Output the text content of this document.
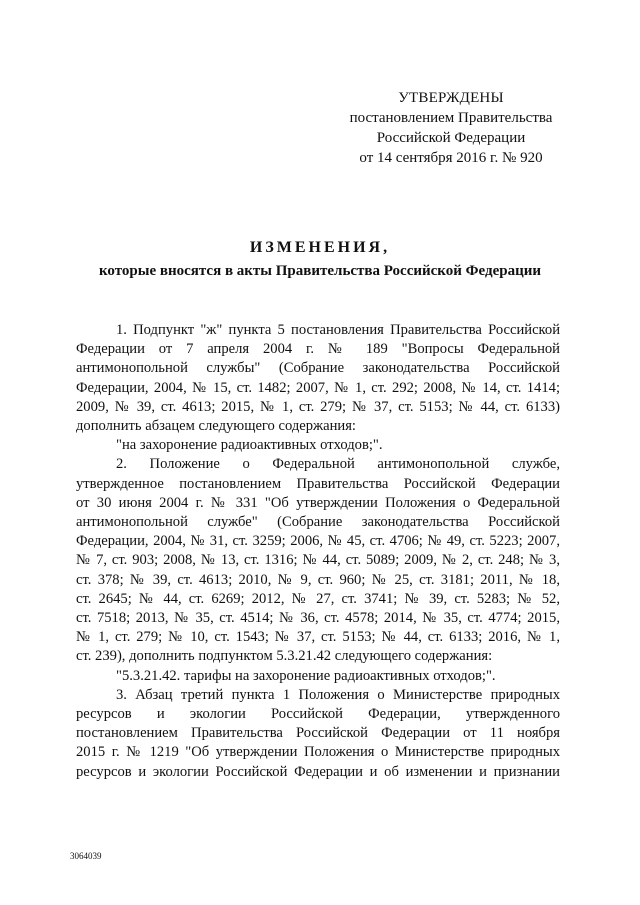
УТВЕРЖДЕНЫ
постановлением Правительства
Российской Федерации
от 14 сентября 2016 г. № 920
ИЗМЕНЕНИЯ,
которые вносятся в акты Правительства Российской Федерации
1. Подпункт "ж" пункта 5 постановления Правительства Российской
Федерации от 7 апреля 2004 г. № 189 "Вопросы Федеральной
антимонопольной службы" (Собрание законодательства Российской
Федерации, 2004, № 15, ст. 1482; 2007, № 1, ст. 292; 2008, № 14, ст. 1414;
2009, № 39, ст. 4613; 2015, № 1, ст. 279; № 37, ст. 5153; № 44, ст. 6133)
дополнить абзацем следующего содержания:
"на захоронение радиоактивных отходов;".
2. Положение о Федеральной антимонопольной службе,
утвержденное постановлением Правительства Российской Федерации
от 30 июня 2004 г. № 331 "Об утверждении Положения о Федеральной
антимонопольной службе" (Собрание законодательства Российской
Федерации, 2004, № 31, ст. 3259; 2006, № 45, ст. 4706; № 49, ст. 5223; 2007,
№ 7, ст. 903; 2008, № 13, ст. 1316; № 44, ст. 5089; 2009, № 2, ст. 248; № 3,
ст. 378; № 39, ст. 4613; 2010, № 9, ст. 960; № 25, ст. 3181; 2011, № 18,
ст. 2645; № 44, ст. 6269; 2012, № 27, ст. 3741; № 39, ст. 5283; № 52,
ст. 7518; 2013, № 35, ст. 4514; № 36, ст. 4578; 2014, № 35, ст. 4774; 2015,
№ 1, ст. 279; № 10, ст. 1543; № 37, ст. 5153; № 44, ст. 6133; 2016, № 1,
ст. 239), дополнить подпунктом 5.3.21.42 следующего содержания:
"5.3.21.42. тарифы на захоронение радиоактивных отходов;".
3. Абзац третий пункта 1 Положения о Министерстве природных
ресурсов и экологии Российской Федерации, утвержденного
постановлением Правительства Российской Федерации от 11 ноября
2015 г. № 1219 "Об утверждении Положения о Министерстве природных
ресурсов и экологии Российской Федерации и об изменении и признании
3064039
